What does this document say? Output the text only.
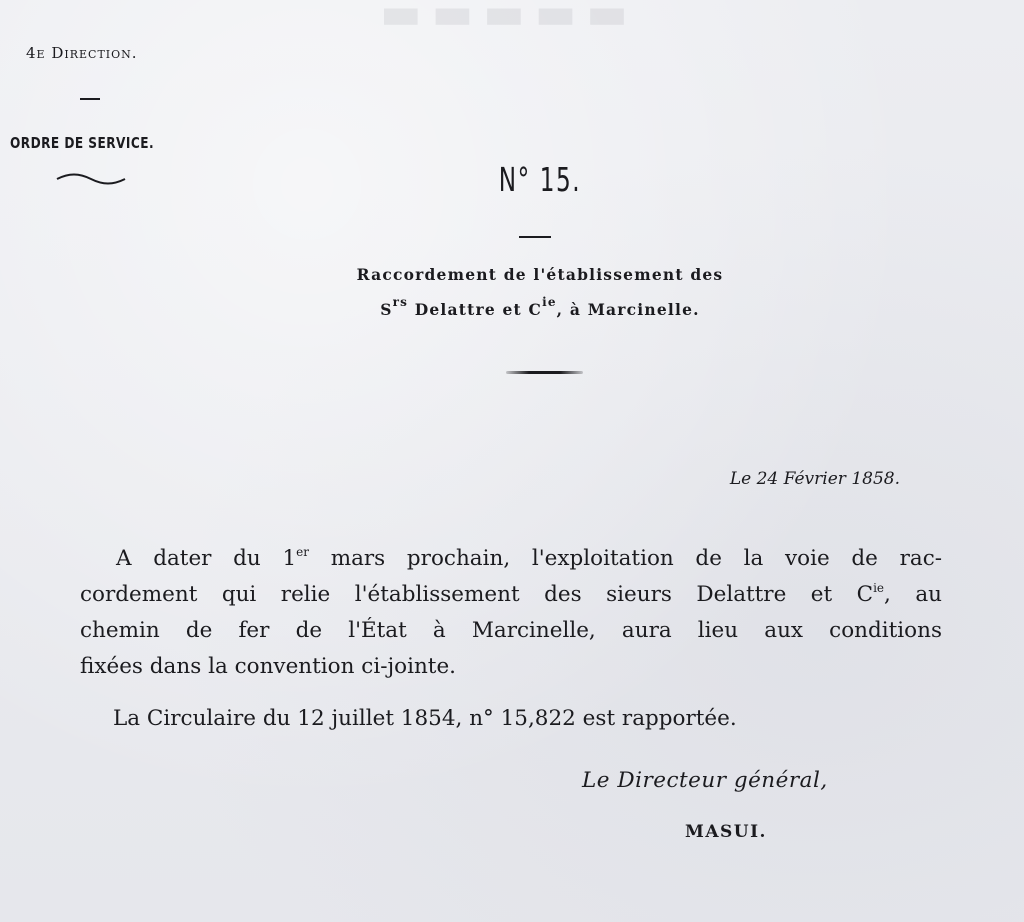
▬▬▬▬▬
4e Direction.
ORDRE DE SERVICE.
N° 15.
Raccordement de l'établissement des
$S^{rs}$ Delattre et $C^{ie}$, à Marcinelle.
Le 24 Février 1858.
A dater du 1er mars prochain, l'exploitation de la voie de rac-
cordement qui relie l'établissement des sieurs Delattre et $C^{ie}$, au
chemin de fer de l'État à Marcinelle, aura lieu aux conditions
fixées dans la convention ci-jointe.
La Circulaire du 12 juillet 1854, n° 15,822 est rapportée.
Le Directeur général,
MASUI.
